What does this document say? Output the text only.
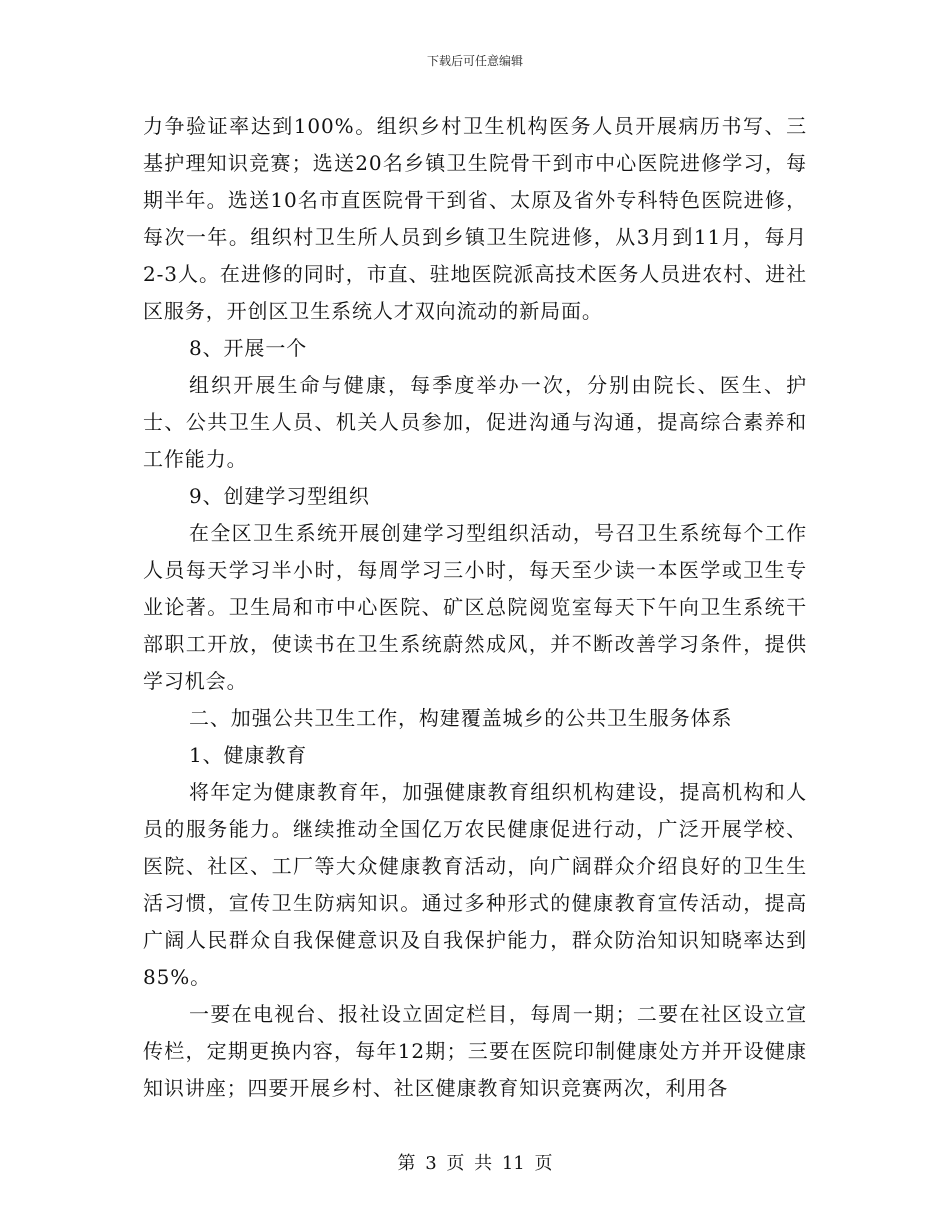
下载后可任意编辑

力争验证率达到100%。组织乡村卫生机构医务人员开展病历书写、三基护理知识竞赛；选送20名乡镇卫生院骨干到市中心医院进修学习，每期半年。选送10名市直医院骨干到省、太原及省外专科特色医院进修，每次一年。组织村卫生所人员到乡镇卫生院进修，从3月到11月，每月2-3人。在进修的同时，市直、驻地医院派高技术医务人员进农村、进社区服务，开创区卫生系统人才双向流动的新局面。

8、开展一个

组织开展生命与健康，每季度举办一次，分别由院长、医生、护士、公共卫生人员、机关人员参加，促进沟通与沟通，提高综合素养和工作能力。

9、创建学习型组织

在全区卫生系统开展创建学习型组织活动，号召卫生系统每个工作人员每天学习半小时，每周学习三小时，每天至少读一本医学或卫生专业论著。卫生局和市中心医院、矿区总院阅览室每天下午向卫生系统干部职工开放，使读书在卫生系统蔚然成风，并不断改善学习条件，提供学习机会。

二、加强公共卫生工作，构建覆盖城乡的公共卫生服务体系

1、健康教育

将年定为健康教育年，加强健康教育组织机构建设，提高机构和人员的服务能力。继续推动全国亿万农民健康促进行动，广泛开展学校、医院、社区、工厂等大众健康教育活动，向广阔群众介绍良好的卫生生活习惯，宣传卫生防病知识。通过多种形式的健康教育宣传活动，提高广阔人民群众自我保健意识及自我保护能力，群众防治知识知晓率达到85%。

一要在电视台、报社设立固定栏目，每周一期；二要在社区设立宣传栏，定期更换内容，每年12期；三要在医院印制健康处方并开设健康知识讲座；四要开展乡村、社区健康教育知识竞赛两次，利用各

第 3 页 共 11 页
